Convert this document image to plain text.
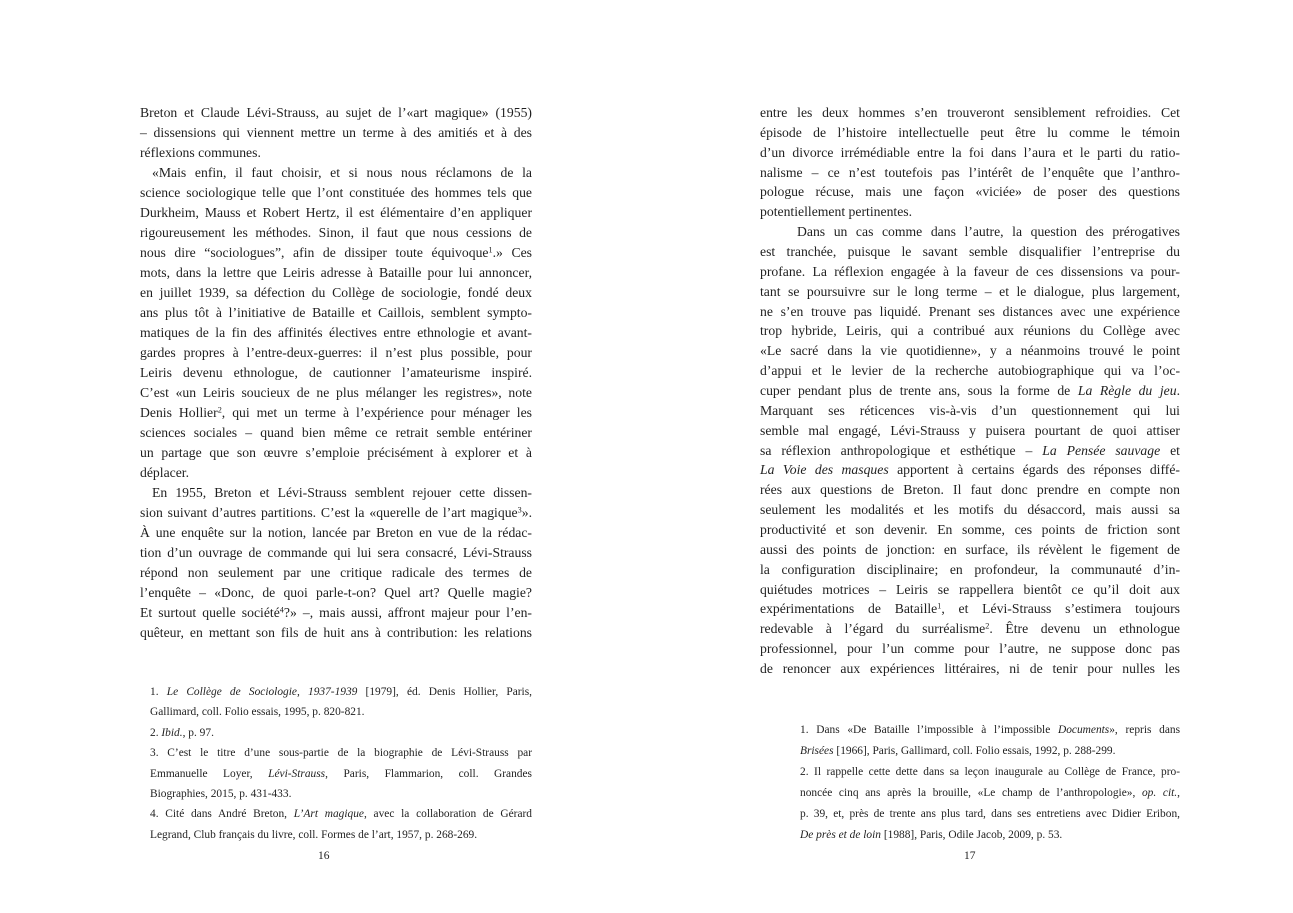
Breton et Claude Lévi-Strauss, au sujet de l’«art magique» (1955)
– dissensions qui viennent mettre un terme à des amitiés et à des
réflexions communes.
«Mais enfin, il faut choisir, et si nous nous réclamons de la
science sociologique telle que l’ont constituée des hommes tels que
Durkheim, Mauss et Robert Hertz, il est élémentaire d’en appliquer
rigoureusement les méthodes. Sinon, il faut que nous cessions de
nous dire “sociologues”, afin de dissiper toute équivoque$^1$.» Ces
mots, dans la lettre que Leiris adresse à Bataille pour lui annoncer,
en juillet 1939, sa défection du Collège de sociologie, fondé deux
ans plus tôt à l’initiative de Bataille et Caillois, semblent sympto-
matiques de la fin des affinités électives entre ethnologie et avant-
gardes propres à l’entre-deux-guerres: il n’est plus possible, pour
Leiris devenu ethnologue, de cautionner l’amateurisme inspiré.
C’est «un Leiris soucieux de ne plus mélanger les registres», note
Denis Hollier$^2$, qui met un terme à l’expérience pour ménager les
sciences sociales – quand bien même ce retrait semble entériner
un partage que son œuvre s’emploie précisément à explorer et à
déplacer.
En 1955, Breton et Lévi-Strauss semblent rejouer cette dissen-
sion suivant d’autres partitions. C’est la «querelle de l’art magique$^3$».
À une enquête sur la notion, lancée par Breton en vue de la rédac-
tion d’un ouvrage de commande qui lui sera consacré, Lévi-Strauss
répond non seulement par une critique radicale des termes de
l’enquête – «Donc, de quoi parle-t-on? Quel art? Quelle magie?
Et surtout quelle société$^4$?» –, mais aussi, affront majeur pour l’en-
quêteur, en mettant son fils de huit ans à contribution: les relations
1. Le Collège de Sociologie, 1937-1939 [1979], éd. Denis Hollier, Paris,
Gallimard, coll. Folio essais, 1995, p. 820-821.
2. Ibid., p. 97.
3. C’est le titre d’une sous-partie de la biographie de Lévi-Strauss par
Emmanuelle Loyer, Lévi-Strauss, Paris, Flammarion, coll. Grandes
Biographies, 2015, p. 431-433.
4. Cité dans André Breton, L’Art magique, avec la collaboration de Gérard
Legrand, Club français du livre, coll. Formes de l’art, 1957, p. 268-269.
16
entre les deux hommes s’en trouveront sensiblement refroidies. Cet
épisode de l’histoire intellectuelle peut être lu comme le témoin
d’un divorce irrémédiable entre la foi dans l’aura et le parti du ratio-
nalisme – ce n’est toutefois pas l’intérêt de l’enquête que l’anthro-
pologue récuse, mais une façon «viciée» de poser des questions
potentiellement pertinentes.
Dans un cas comme dans l’autre, la question des prérogatives
est tranchée, puisque le savant semble disqualifier l’entreprise du
profane. La réflexion engagée à la faveur de ces dissensions va pour-
tant se poursuivre sur le long terme – et le dialogue, plus largement,
ne s’en trouve pas liquidé. Prenant ses distances avec une expérience
trop hybride, Leiris, qui a contribué aux réunions du Collège avec
«Le sacré dans la vie quotidienne», y a néanmoins trouvé le point
d’appui et le levier de la recherche autobiographique qui va l’oc-
cuper pendant plus de trente ans, sous la forme de La Règle du jeu.
Marquant ses réticences vis-à-vis d’un questionnement qui lui
semble mal engagé, Lévi-Strauss y puisera pourtant de quoi attiser
sa réflexion anthropologique et esthétique – La Pensée sauvage et
La Voie des masques apportent à certains égards des réponses diffé-
rées aux questions de Breton. Il faut donc prendre en compte non
seulement les modalités et les motifs du désaccord, mais aussi sa
productivité et son devenir. En somme, ces points de friction sont
aussi des points de jonction: en surface, ils révèlent le figement de
la configuration disciplinaire; en profondeur, la communauté d’in-
quiétudes motrices – Leiris se rappellera bientôt ce qu’il doit aux
expérimentations de Bataille$^1$, et Lévi-Strauss s’estimera toujours
redevable à l’égard du surréalisme$^2$. Être devenu un ethnologue
professionnel, pour l’un comme pour l’autre, ne suppose donc pas
de renoncer aux expériences littéraires, ni de tenir pour nulles les
1. Dans «De Bataille l’impossible à l’impossible Documents», repris dans
Brisées [1966], Paris, Gallimard, coll. Folio essais, 1992, p. 288-299.
2. Il rappelle cette dette dans sa leçon inaugurale au Collège de France, pro-
noncée cinq ans après la brouille, «Le champ de l’anthropologie», op. cit.,
p. 39, et, près de trente ans plus tard, dans ses entretiens avec Didier Eribon,
De près et de loin [1988], Paris, Odile Jacob, 2009, p. 53.
17
